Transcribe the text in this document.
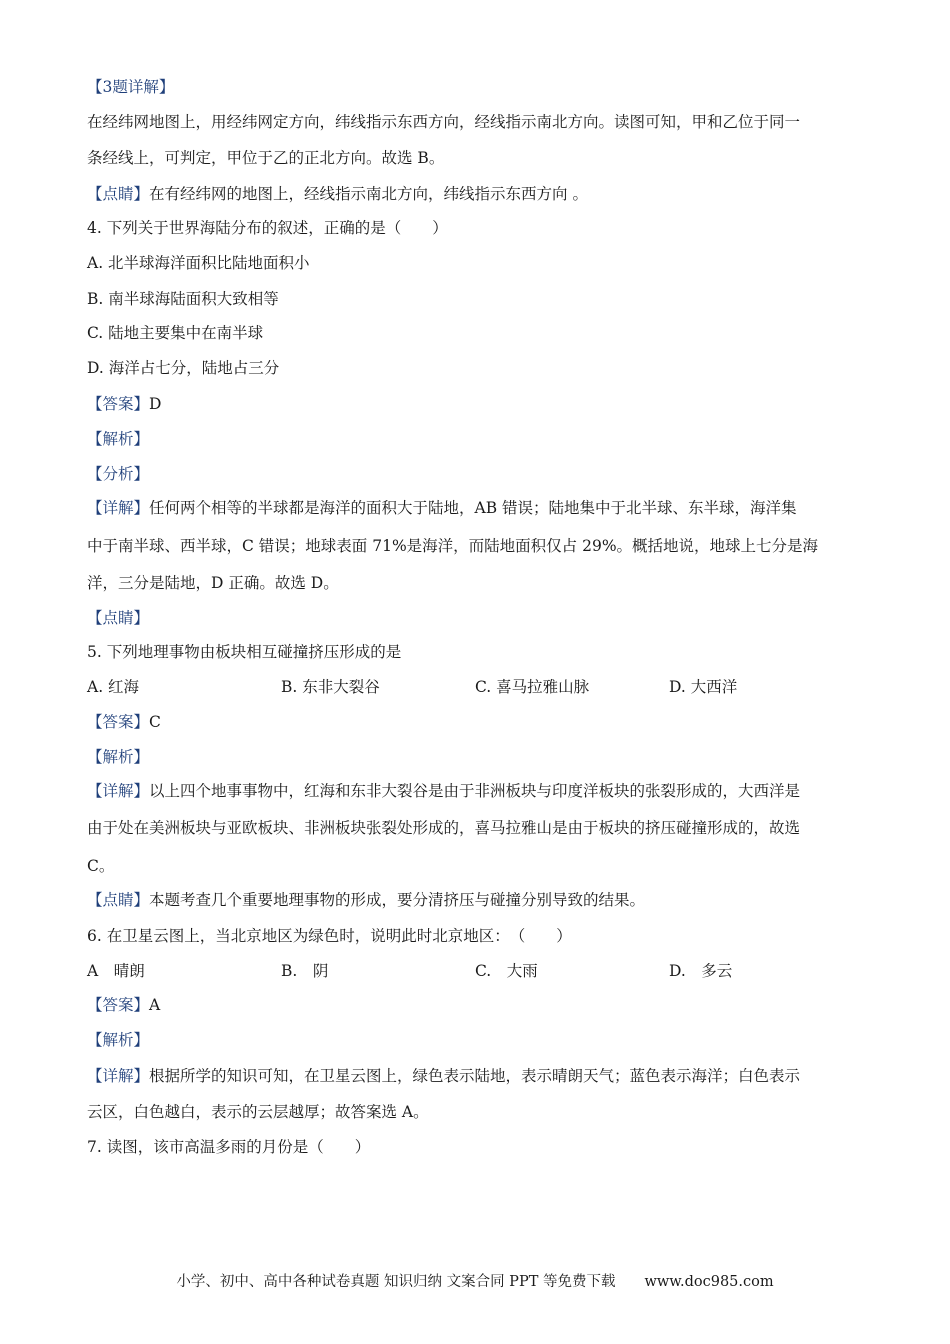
【3题详解】
在经纬网地图上，用经纬网定方向，纬线指示东西方向，经线指示南北方向。读图可知，甲和乙位于同一
条经线上，可判定，甲位于乙的正北方向。故选 B。
【点睛】在有经纬网的地图上，经线指示南北方向，纬线指示东西方向 。
4. 下列关于世界海陆分布的叙述，正确的是（　　）
A. 北半球海洋面积比陆地面积小
B. 南半球海陆面积大致相等
C. 陆地主要集中在南半球
D. 海洋占七分，陆地占三分
【答案】D
【解析】
【分析】
【详解】任何两个相等的半球都是海洋的面积大于陆地，AB 错误；陆地集中于北半球、东半球，海洋集
中于南半球、西半球，C 错误；地球表面 71%是海洋，而陆地面积仅占 29%。概括地说，地球上七分是海
洋，三分是陆地，D 正确。故选 D。
【点睛】
5. 下列地理事物由板块相互碰撞挤压形成的是
A. 红海	B. 东非大裂谷	C. 喜马拉雅山脉	D. 大西洋
【答案】C
【解析】
【详解】以上四个地事事物中，红海和东非大裂谷是由于非洲板块与印度洋板块的张裂形成的，大西洋是
由于处在美洲板块与亚欧板块、非洲板块张裂处形成的，喜马拉雅山是由于板块的挤压碰撞形成的，故选
C。
【点睛】本题考查几个重要地理事物的形成，要分清挤压与碰撞分别导致的结果。
6. 在卫星云图上，当北京地区为绿色时，说明此时北京地区：　（　　）
A　晴朗	B.　阴	C.　大雨	D.　多云
【答案】A
【解析】
【详解】根据所学的知识可知，在卫星云图上，绿色表示陆地，表示晴朗天气；蓝色表示海洋；白色表示
云区，白色越白，表示的云层越厚；故答案选 A。
7. 读图，该市高温多雨的月份是（　　）
小学、初中、高中各种试卷真题 知识归纳 文案合同 PPT 等免费下载　　www.doc985.com
